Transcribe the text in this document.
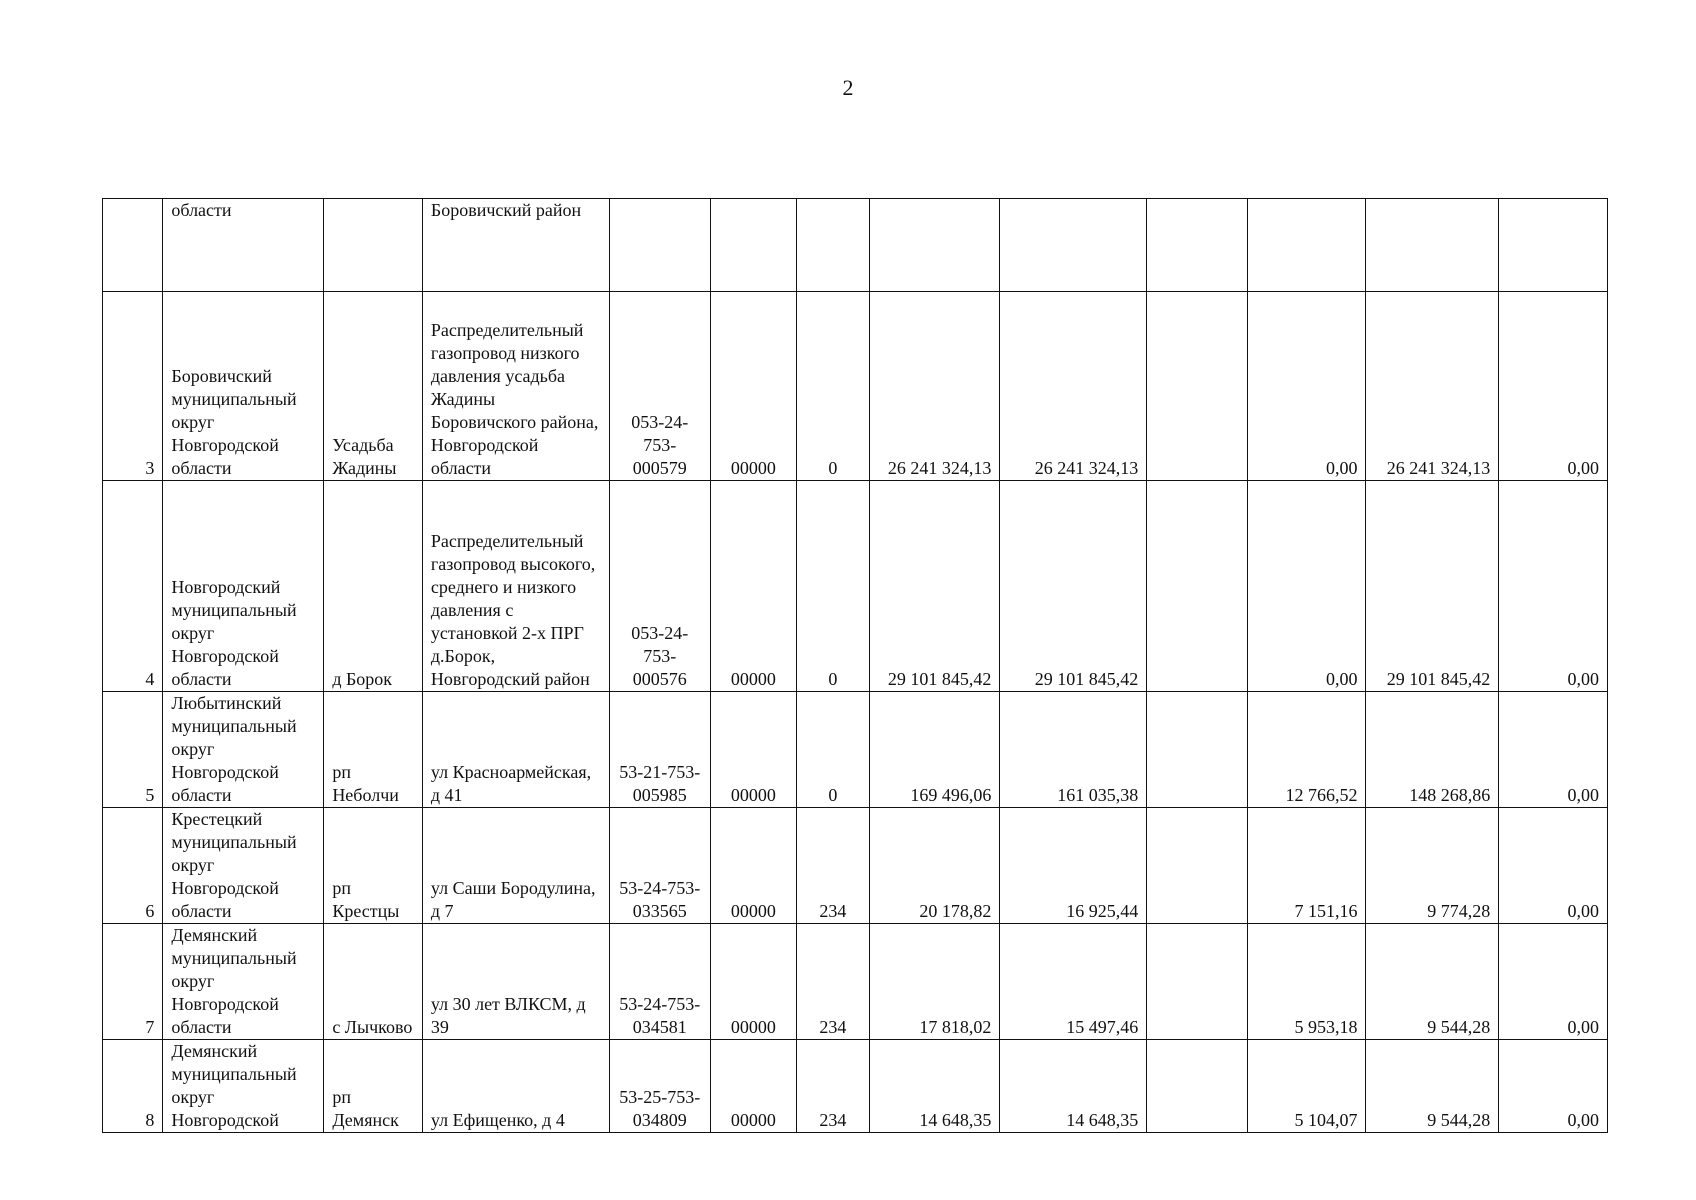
2
	области		Боровичский район									
3	Боровичский муниципальный округ Новгородской области	Усадьба Жадины	Распределительный газопровод низкого давления усадьба Жадины Боровичского района, Новгородской области	053-24-753-000579	00000	0	26 241 324,13	26 241 324,13		0,00	26 241 324,13	0,00
4	Новгородский муниципальный округ Новгородской области	д Борок	Распределительный газопровод высокого, среднего и низкого давления с установкой 2-х ПРГ д.Борок, Новгородский район	053-24-753-000576	00000	0	29 101 845,42	29 101 845,42		0,00	29 101 845,42	0,00
5	Любытинский муниципальный округ Новгородской области	рп Неболчи	ул Красноармейская, д 41	53-21-753-005985	00000	0	169 496,06	161 035,38		12 766,52	148 268,86	0,00
6	Крестецкий муниципальный округ Новгородской области	рп Крестцы	ул Саши Бородулина, д 7	53-24-753-033565	00000	234	20 178,82	16 925,44		7 151,16	9 774,28	0,00
7	Демянский муниципальный округ Новгородской области	с Лычково	ул 30 лет ВЛКСМ, д 39	53-24-753-034581	00000	234	17 818,02	15 497,46		5 953,18	9 544,28	0,00
8	Демянский муниципальный округ Новгородской	рп Демянск	ул Ефищенко, д 4	53-25-753-034809	00000	234	14 648,35	14 648,35		5 104,07	9 544,28	0,00
